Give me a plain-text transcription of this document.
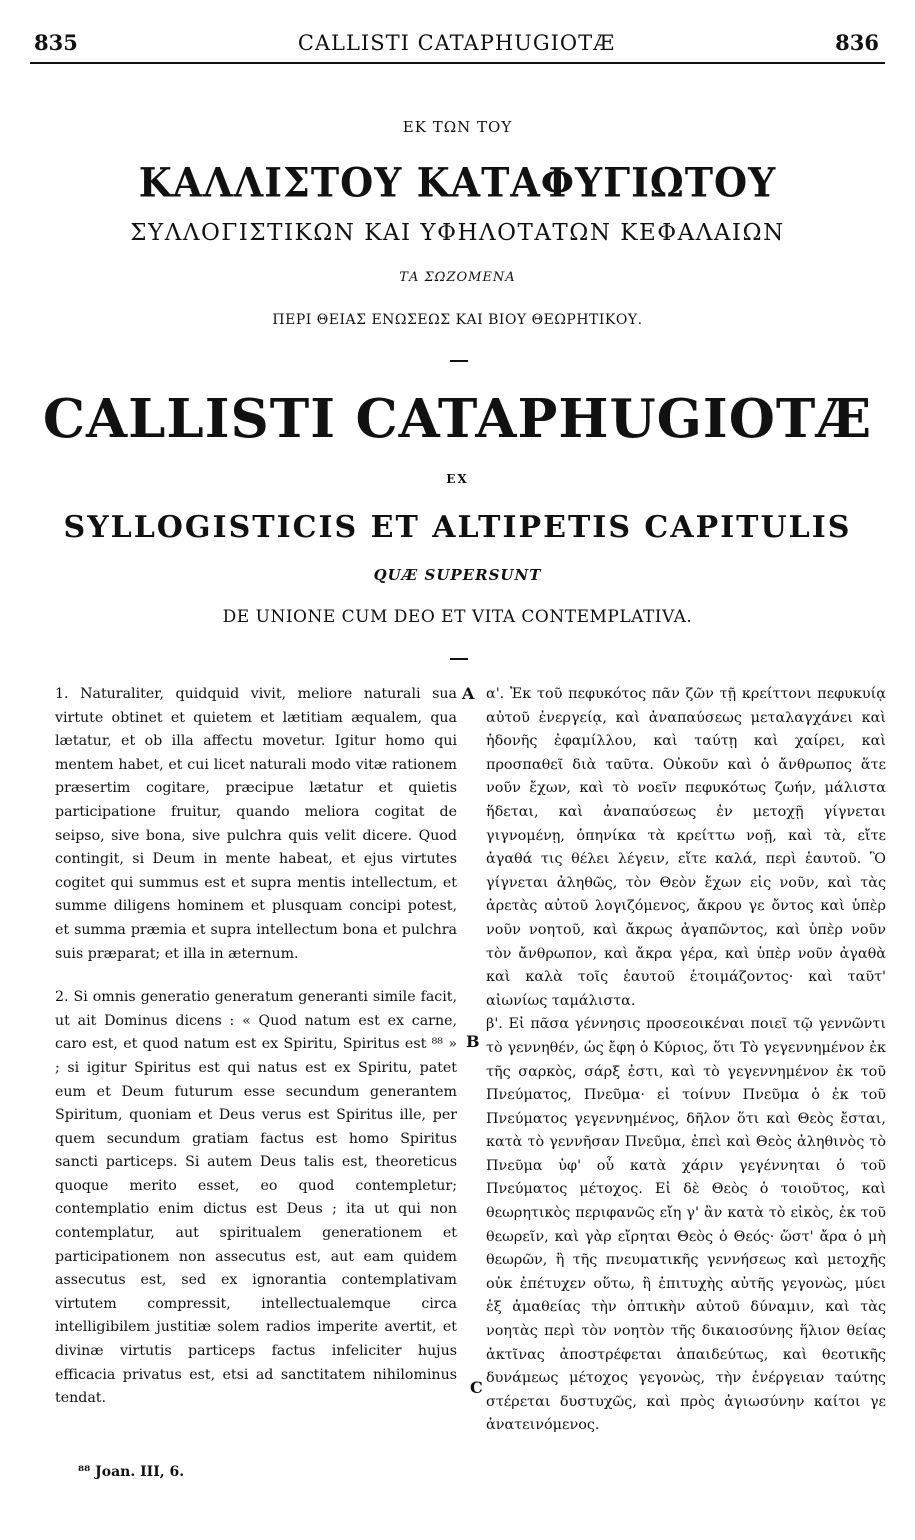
835	CALLISTI CATAPHUGIOTÆ	836
ΕΚ ΤΩΝ ΤΟΥ
ΚΑΛΛΙΣΤΟΥ ΚΑΤΑΦΥΓΙΩΤΟΥ
ΣΥΛΛΟΓΙΣΤΙΚΩΝ ΚΑΙ ΥΦΗΛΟΤΑΤΩΝ ΚΕΦΑΛΑΙΩΝ
ΤΑ ΣΩΖΟΜΕΝΑ
ΠΕΡΙ ΘΕΙΑΣ ΕΝΩΣΕΩΣ ΚΑΙ ΒΙΟΥ ΘΕΩΡΗΤΙΚΟΥ.
CALLISTI CATAPHUGIOTÆ
EX
SYLLOGISTICIS ET ALTIPETIS CAPITULIS
QUÆ SUPERSUNT
DE UNIONE CUM DEO ET VITA CONTEMPLATIVA.

1. Naturaliter, quidquid vivit, meliore naturali sua virtute obtinet et quietem et lætitiam æqualem, qua lætatur, et ob illa affectu movetur. Igitur homo qui mentem habet, et cui licet naturali modo vitæ rationem præsertim cogitare, præcipue lætatur et quietis participatione fruitur, quando meliora cogitat de seipso, sive bona, sive pulchra quis velit dicere. Quod contingit, si Deum in mente habeat, et ejus virtutes cogitet qui summus est et supra mentis intellectum, et summe diligens hominem et plusquam concipi potest, et summa præmia et supra intellectum bona et pulchra suis præparat; et illa in æternum.

2. Si omnis generatio generatum generanti simile facit, ut ait Dominus dicens : « Quod natum est ex carne, caro est, et quod natum est ex Spiritu, Spiritus est ⁸⁸ » ; si igitur Spiritus est qui natus est ex Spiritu, patet eum et Deum futurum esse secundum generantem Spiritum, quoniam et Deus verus est Spiritus ille, per quem secundum gratiam factus est homo Spiritus sancti particeps. Si autem Deus talis est, theoreticus quoque merito esset, eo quod contempletur; contemplatio enim dictus est Deus ; ita ut qui non contemplatur, aut spiritualem generationem et participationem non assecutus est, aut eam quidem assecutus est, sed ex ignorantia contemplativam virtutem compressit, intellectualemque circa intelligibilem justitiæ solem radios imperite avertit, et divinæ virtutis particeps factus infeliciter hujus efficacia privatus est, etsi ad sanctitatem nihilominus tendat.

A
B
C

α'. Ἐκ τοῦ πεφυκότος πᾶν ζῶν τῇ κρείττονι πεφυκυίᾳ αὐτοῦ ἐνεργείᾳ, καὶ ἀναπαύσεως μεταλαγχάνει καὶ ἡδονῆς ἐφαμίλλου, καὶ ταύτῃ καὶ χαίρει, καὶ προσπαθεῖ διὰ ταῦτα. Οὐκοῦν καὶ ὁ ἄνθρωπος ἅτε νοῦν ἔχων, καὶ τὸ νοεῖν πεφυκότως ζωήν, μάλιστα ἥδεται, καὶ ἀναπαύσεως ἐν μετοχῇ γίγνεται γιγνομένῃ, ὁπηνίκα τὰ κρείττω νοῇ, καὶ τὰ, εἴτε ἀγαθά τις θέλει λέγειν, εἴτε καλά, περὶ ἑαυτοῦ. Ὃ γίγνεται ἀληθῶς, τὸν Θεὸν ἔχων εἰς νοῦν, καὶ τὰς ἀρετὰς αὐτοῦ λογιζόμενος, ἄκρου γε ὄντος καὶ ὑπὲρ νοῦν νοητοῦ, καὶ ἄκρως ἀγαπῶντος, καὶ ὑπὲρ νοῦν τὸν ἄνθρωπον, καὶ ἄκρα γέρα, καὶ ὑπὲρ νοῦν ἀγαθὰ καὶ καλὰ τοῖς ἑαυτοῦ ἑτοιμάζοντος· καὶ ταῦτ' αἰωνίως ταμάλιστα.

β'. Εἰ πᾶσα γέννησις προσεοικέναι ποιεῖ τῷ γεννῶντι τὸ γεννηθέν, ὡς ἔφη ὁ Κύριος, ὅτι Τὸ γεγεννημένον ἐκ τῆς σαρκὸς, σάρξ ἐστι, καὶ τὸ γεγεννημένον ἐκ τοῦ Πνεύματος, Πνεῦμα· εἰ τοίνυν Πνεῦμα ὁ ἐκ τοῦ Πνεύματος γεγεννημένος, δῆλον ὅτι καὶ Θεὸς ἔσται, κατὰ τὸ γεννῆσαν Πνεῦμα, ἐπεὶ καὶ Θεὸς ἀληθινὸς τὸ Πνεῦμα ὑφ' οὗ κατὰ χάριν γεγέννηται ὁ τοῦ Πνεύματος μέτοχος. Εἰ δὲ Θεὸς ὁ τοιοῦτος, καὶ θεωρητικὸς περιφανῶς εἴη γ' ἂν κατὰ τὸ εἰκὸς, ἐκ τοῦ θεωρεῖν, καὶ γὰρ εἴρηται Θεὸς ὁ Θεός· ὥστ' ἄρα ὁ μὴ θεωρῶν, ἢ τῆς πνευματικῆς γεννήσεως καὶ μετοχῆς οὐκ ἐπέτυχεν οὕτω, ἢ ἐπιτυχὴς αὐτῆς γεγονὼς, μύει ἐξ ἀμαθείας τὴν ὀπτικὴν αὐτοῦ δύναμιν, καὶ τὰς νοητὰς περὶ τὸν νοητὸν τῆς δικαιοσύνης ἥλιον θείας ἀκτῖνας ἀποστρέφεται ἀπαιδεύτως, καὶ θεοτικῆς δυνάμεως μέτοχος γεγονὼς, τὴν ἐνέργειαν ταύτης στέρεται δυστυχῶς, καὶ πρὸς ἁγιωσύνην καίτοι γε ἀνατεινόμενος.

⁸⁸ Joan. III, 6.
